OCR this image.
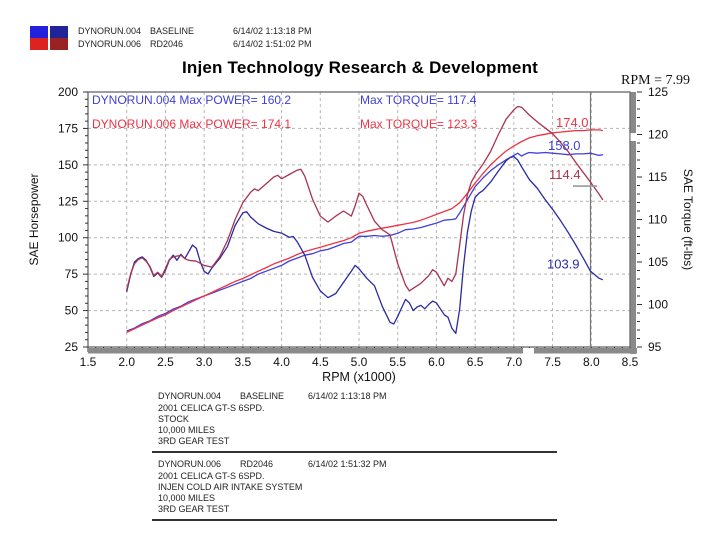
DYNORUN.004 BASELINE	6/14/02 1:13:18 PM
DYNORUN.006 RD2046	6/14/02 1:51:02 PM
Injen Technology Research & Development
RPM = 7.99
1.5 2.0 2.5 3.0 3.5 4.0 4.5 5.0 5.5 6.0 6.5 7.0 7.5 8.0 8.5
200
175
150
125
100
75
50
25
125
120
115
110
105
100
95
SAE Horsepower	SAE Torque (ft-lbs)
RPM (x1000)
DYNORUN.004 Max POWER= 160.2	Max TORQUE= 117.4
DYNORUN.006 Max POWER= 174.1	Max TORQUE= 123.3	174.0
158.0
114.4
103.9
DYNORUN.004 BASELINE	6/14/02 1:13:18 PM
2001 CELICA GT-S 6SPD.
STOCK
10,000 MILES
3RD GEAR TEST
DYNORUN.006 RD2046	6/14/02 1:51:32 PM
2001 CELICA GT-S 6SPD.
INJEN COLD AIR INTAKE SYSTEM
10,000 MILES
3RD GEAR TEST
